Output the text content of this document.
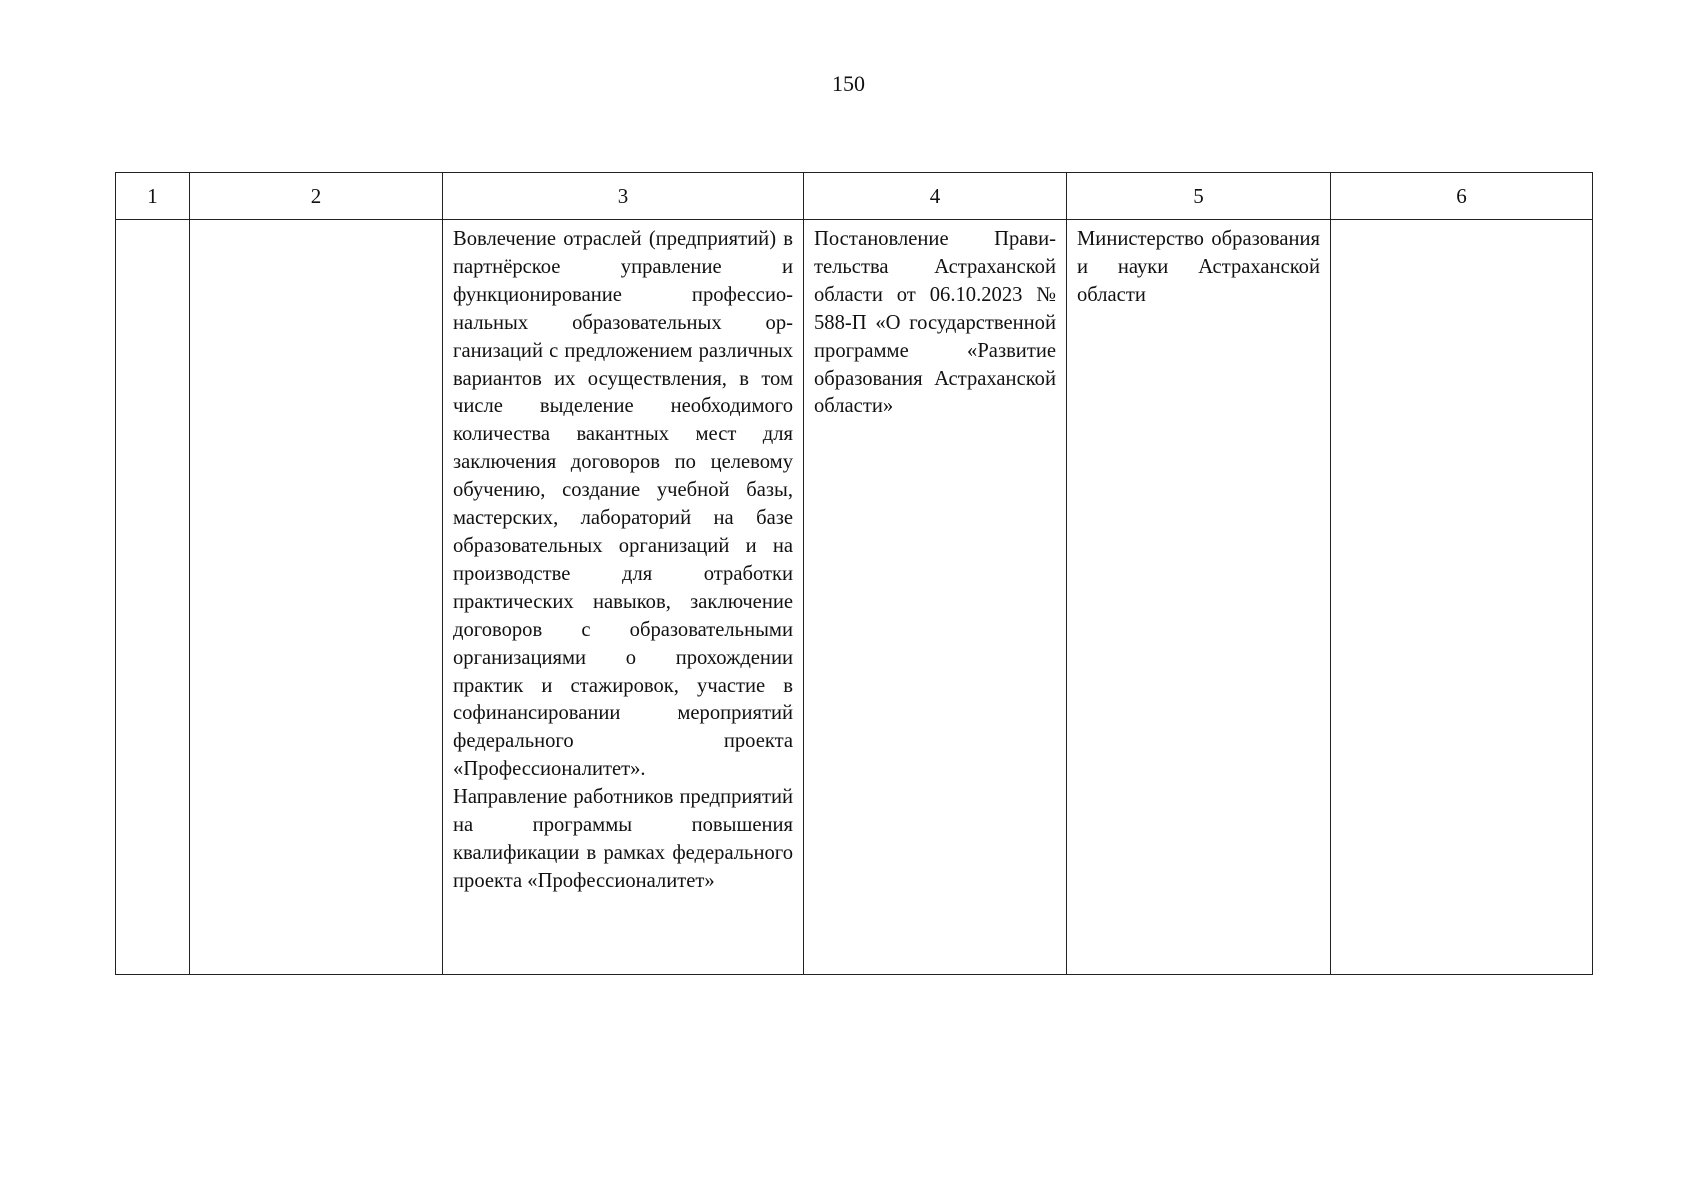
150
1	2	3	4	5	6

		Вовлечение отраслей (предприятий) в партнёрское управление и функционирование профессиональных образовательных организаций с предложением различных вариантов их осуществления, в том числе выделение необходимого количества вакантных мест для заключения договоров по целевому обучению, создание учебной базы, мастерских, лабораторий на базе образовательных организаций и на производстве для отработки практических навыков, заключение договоров с образовательными организациями о прохождении практик и стажировок, участие в софинансировании мероприятий федерального проекта «Профессионалитет».

Направление работников предприятий на программы повышения квалификации в рамках федерального проекта «Профессионалитет»	Постановление Правительства Астраханской области от 06.10.2023 № 588-П «О государственной программе «Развитие образования Астраханской области»	Министерство образования и науки Астраханской области	
